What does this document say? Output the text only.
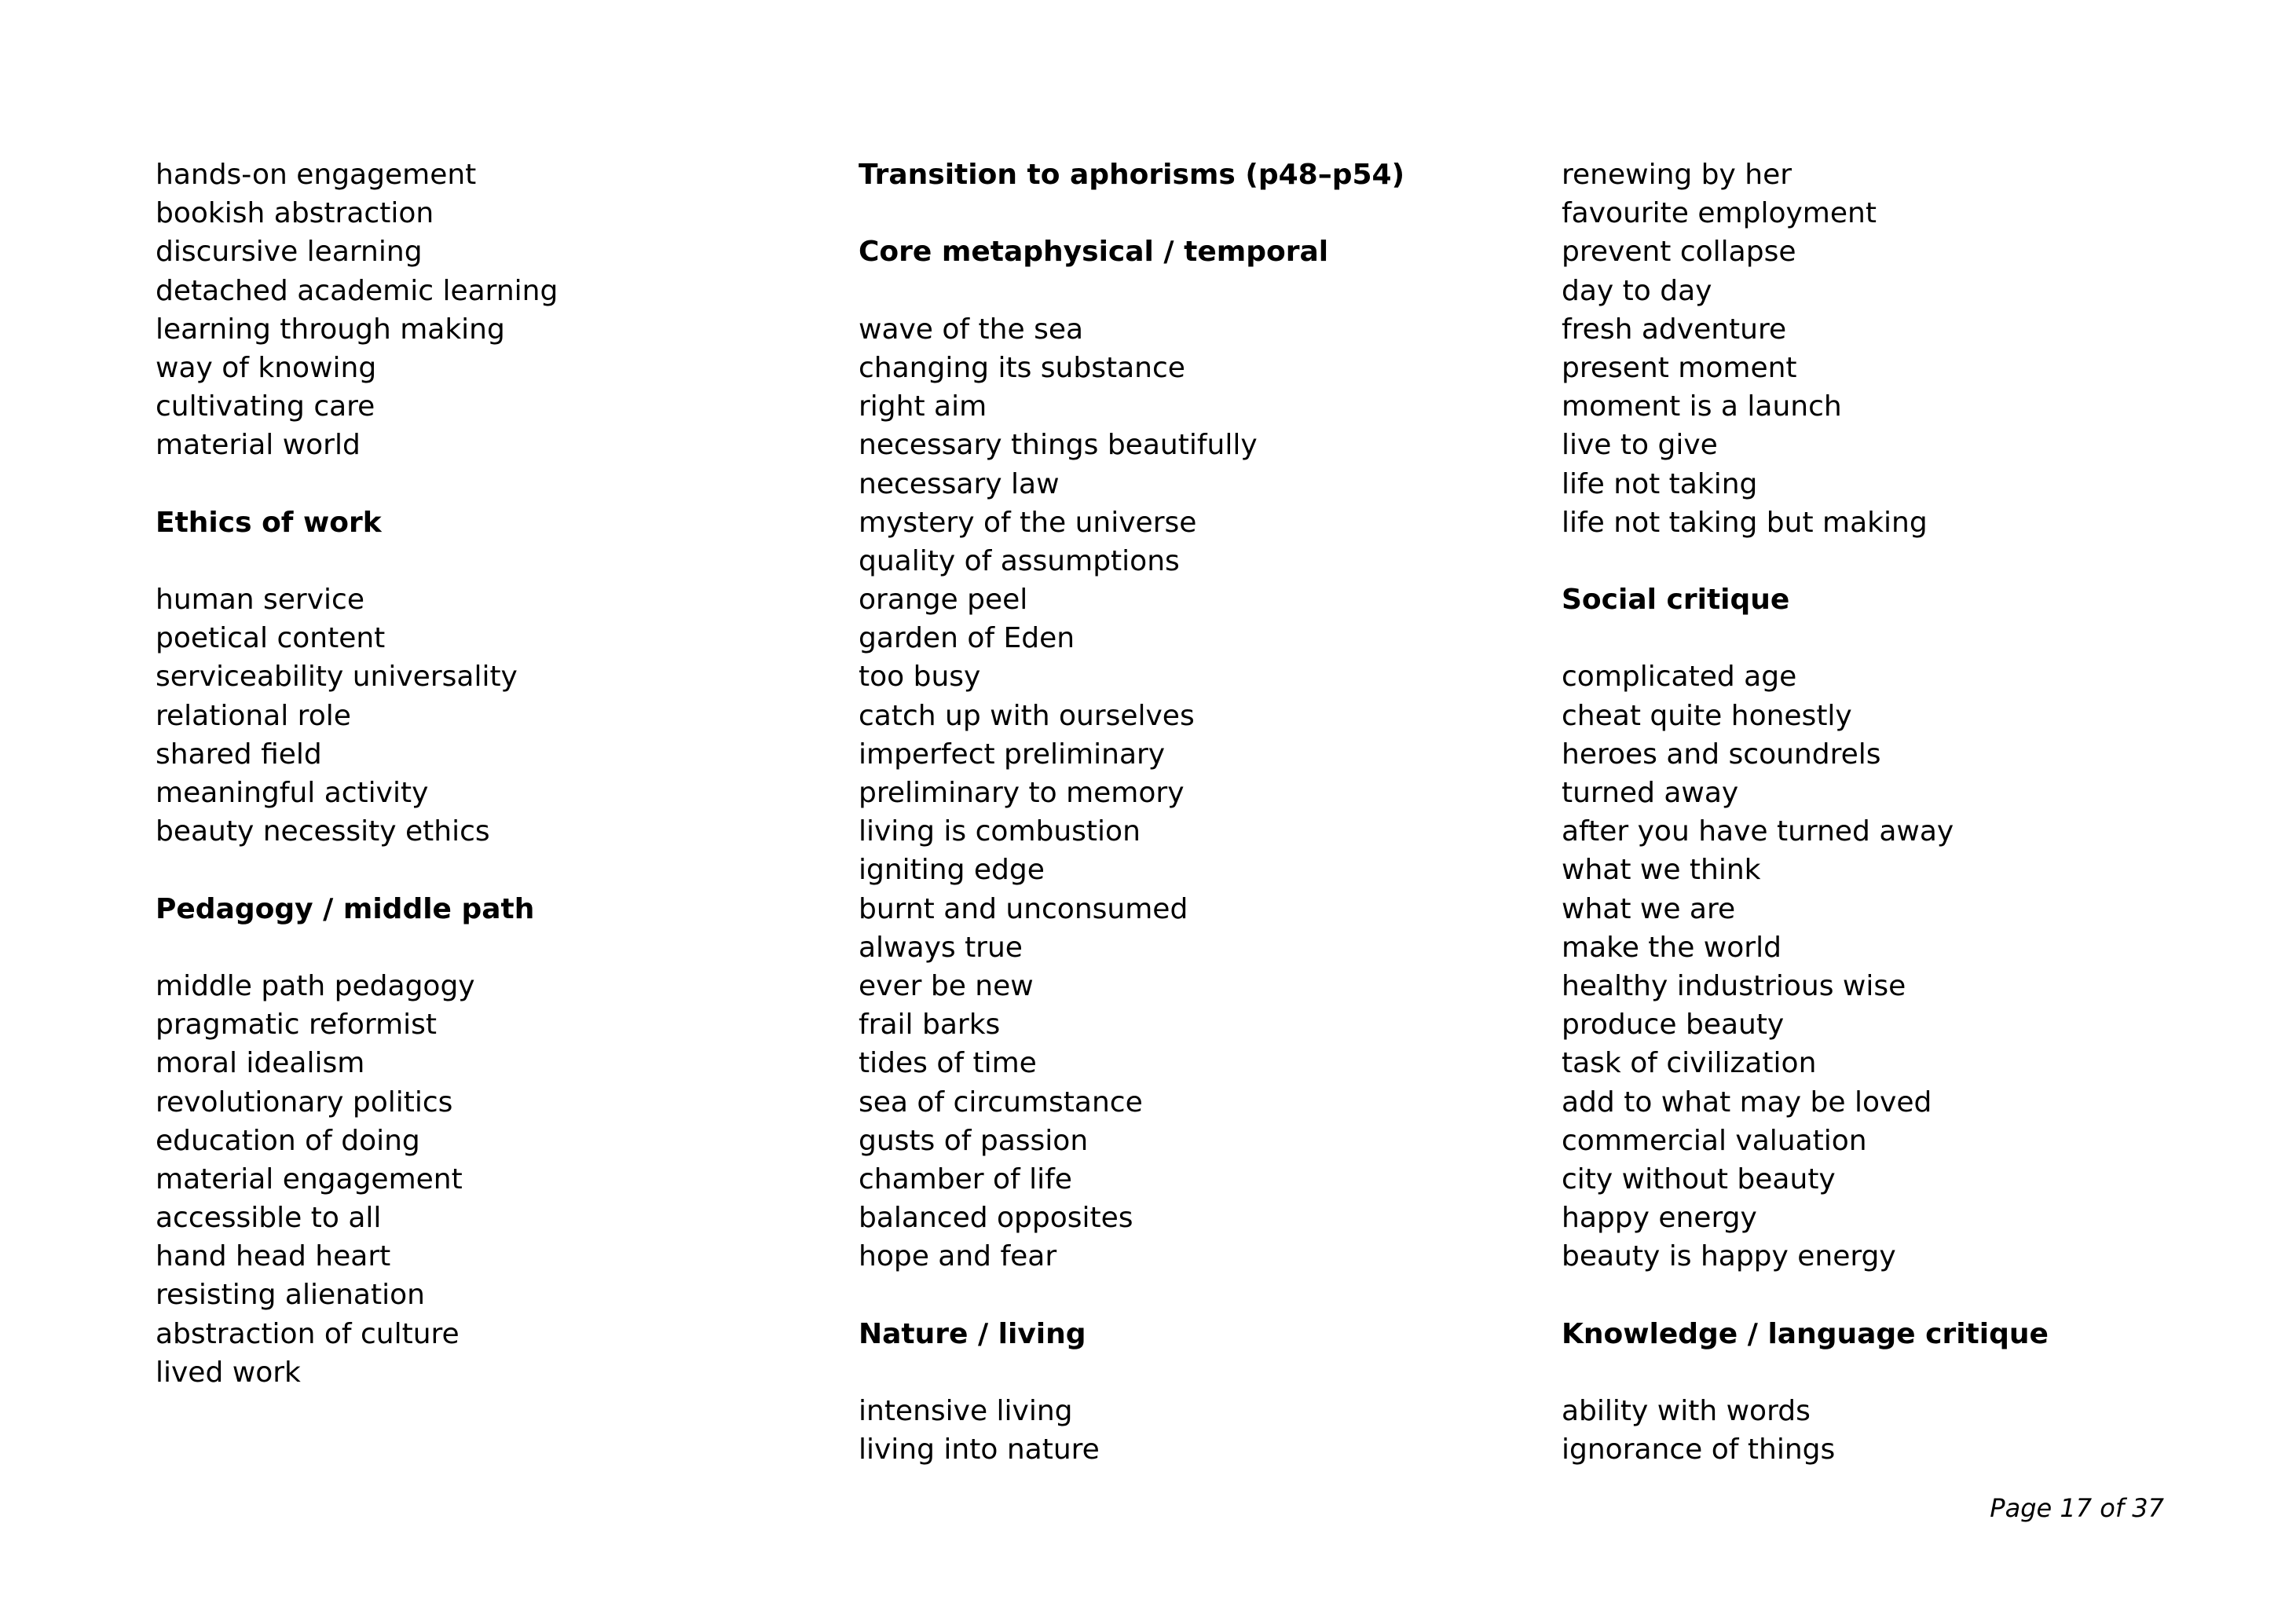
hands-on engagement
bookish abstraction
discursive learning
detached academic learning
learning through making
way of knowing
cultivating care
material world
Ethics of work
human service
poetical content
serviceability universality
relational role
shared field
meaningful activity
beauty necessity ethics
Pedagogy / middle path
middle path pedagogy
pragmatic reformist
moral idealism
revolutionary politics
education of doing
material engagement
accessible to all
hand head heart
resisting alienation
abstraction of culture
lived work
Transition to aphorisms (p48–p54)
Core metaphysical / temporal
wave of the sea
changing its substance
right aim
necessary things beautifully
necessary law
mystery of the universe
quality of assumptions
orange peel
garden of Eden
too busy
catch up with ourselves
imperfect preliminary
preliminary to memory
living is combustion
igniting edge
burnt and unconsumed
always true
ever be new
frail barks
tides of time
sea of circumstance
gusts of passion
chamber of life
balanced opposites
hope and fear
Nature / living
intensive living
living into nature
renewing by her
favourite employment
prevent collapse
day to day
fresh adventure
present moment
moment is a launch
live to give
life not taking
life not taking but making
Social critique
complicated age
cheat quite honestly
heroes and scoundrels
turned away
after you have turned away
what we think
what we are
make the world
healthy industrious wise
produce beauty
task of civilization
add to what may be loved
commercial valuation
city without beauty
happy energy
beauty is happy energy
Knowledge / language critique
ability with words
ignorance of things
Page 17 of 37
